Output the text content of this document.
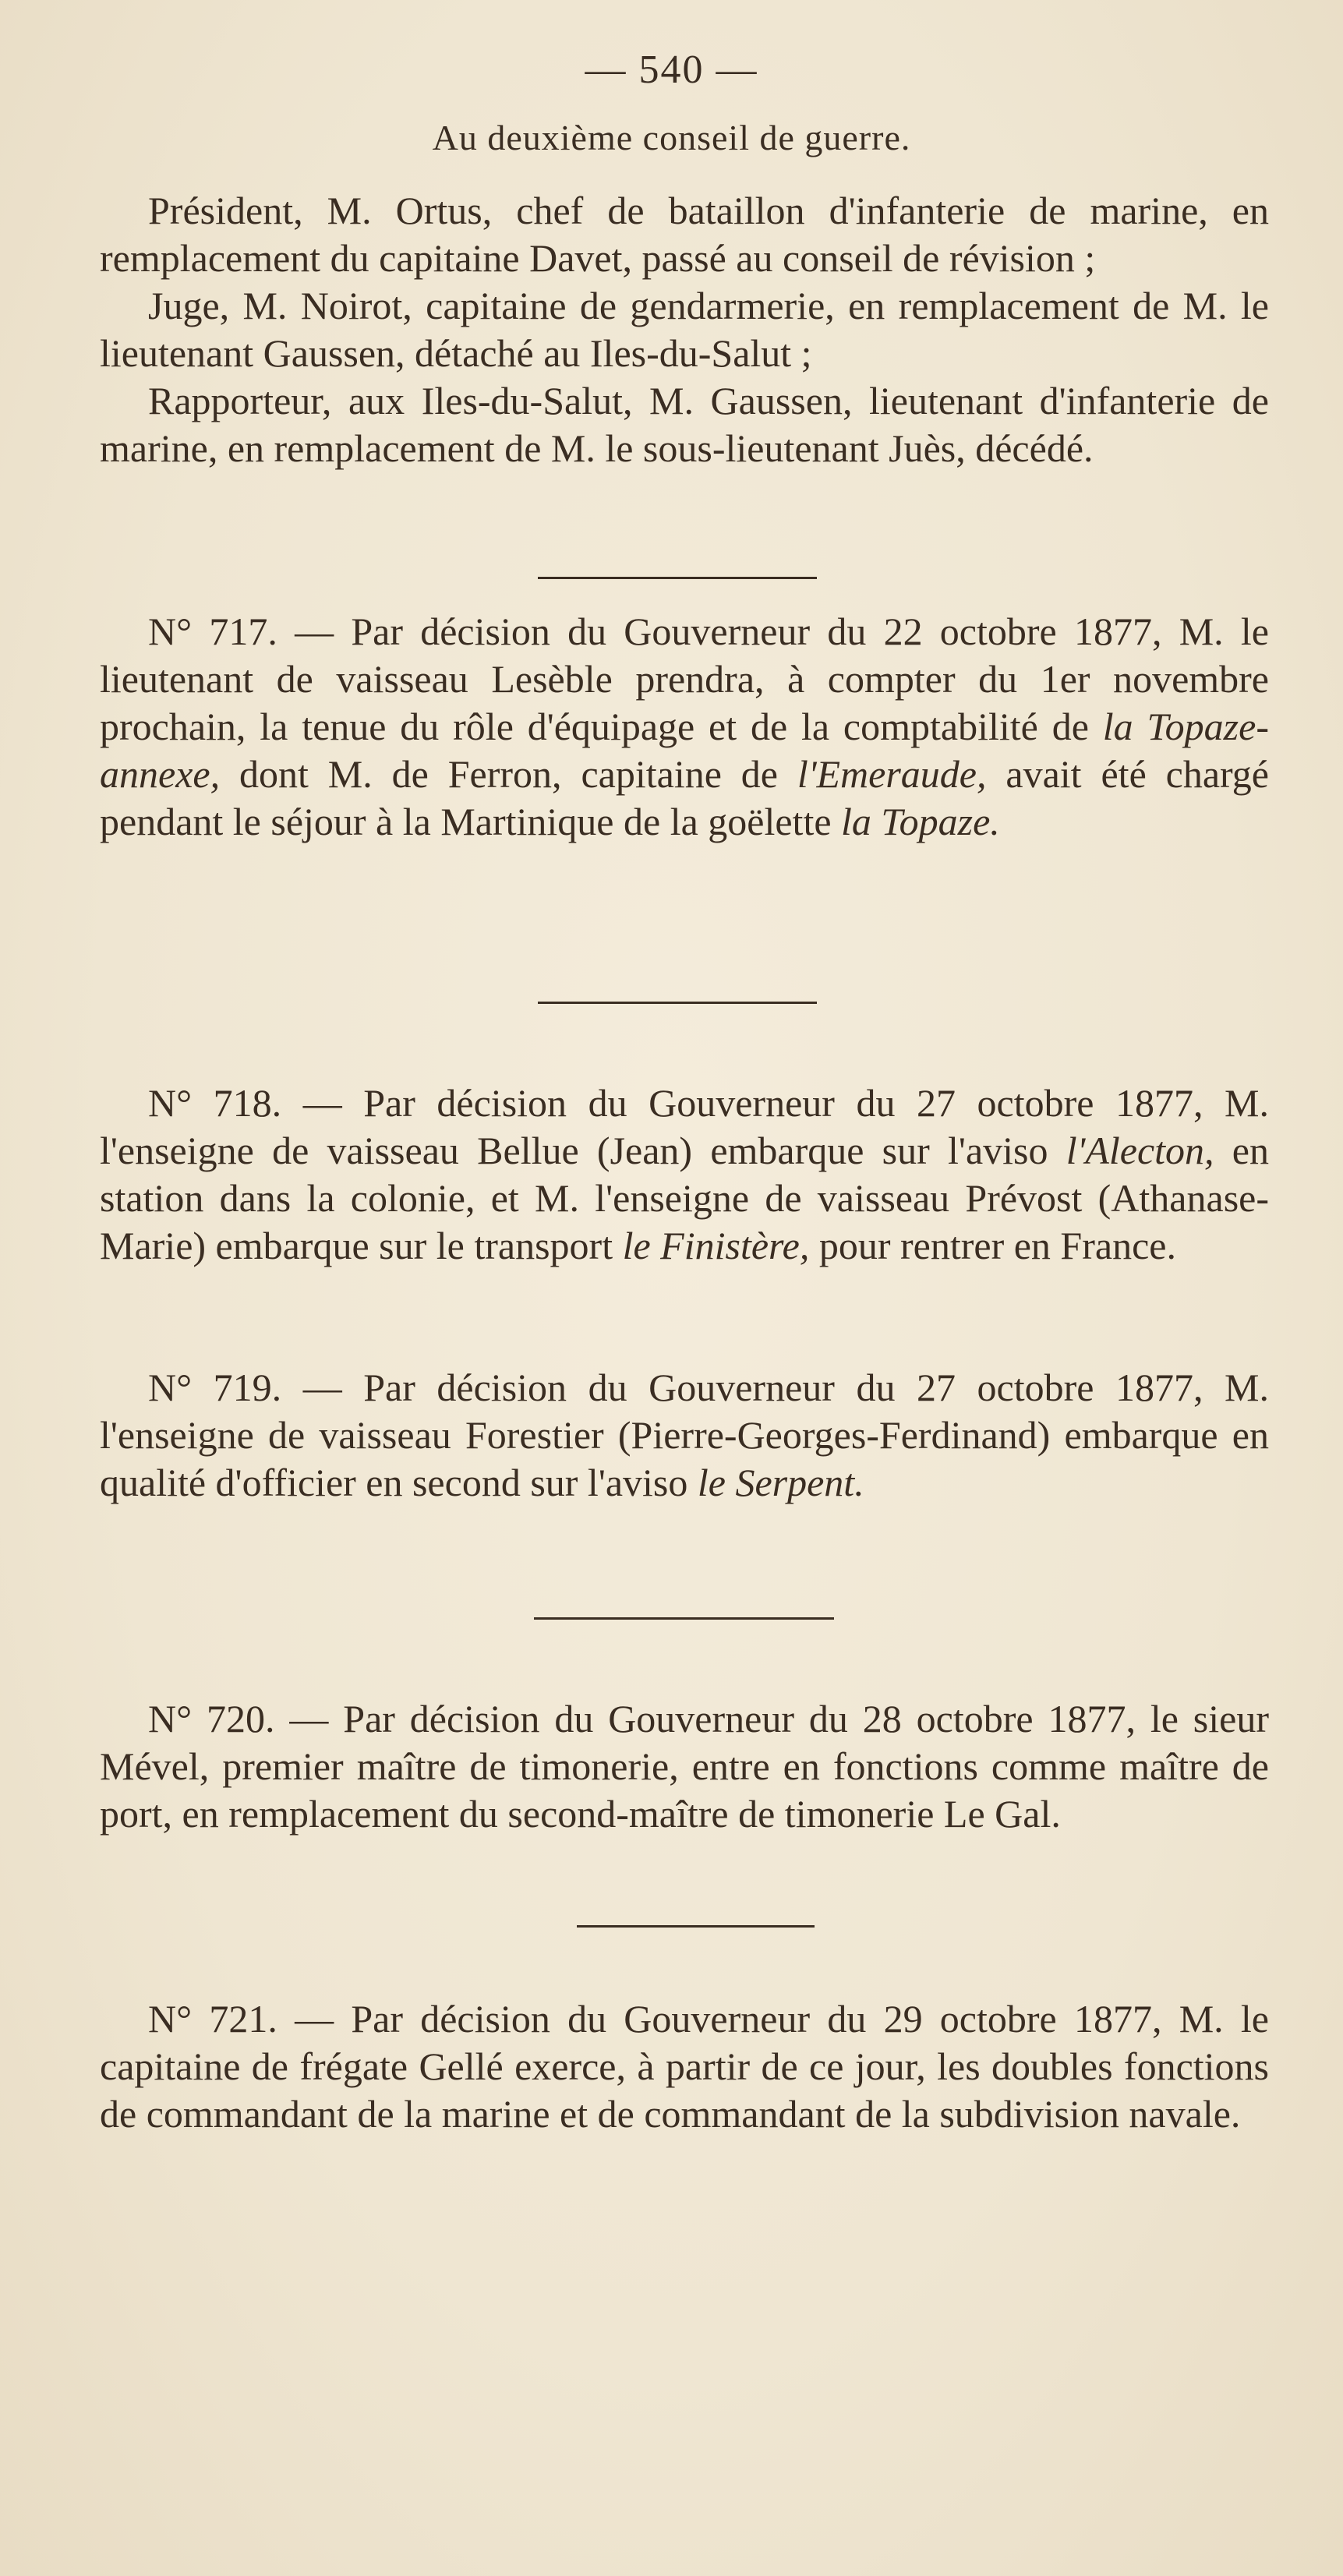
— 540 —
Au deuxième conseil de guerre.

Président, M. Ortus, chef de bataillon d'infanterie de marine, en remplacement du capitaine Davet, passé au conseil de révision ;

Juge, M. Noirot, capitaine de gendarmerie, en remplacement de M. le lieutenant Gaussen, détaché au Iles-du-Salut ;

Rapporteur, aux Iles-du-Salut, M. Gaussen, lieutenant d'infanterie de marine, en remplacement de M. le sous-lieutenant Juès, décédé.

N° 717. — Par décision du Gouverneur du 22 octobre 1877, M. le lieutenant de vaisseau Lesèble prendra, à compter du 1er novembre prochain, la tenue du rôle d'équipage et de la comptabilité de la Topaze-annexe, dont M. de Ferron, capitaine de l'Emeraude, avait été chargé pendant le séjour à la Martinique de la goëlette la Topaze.

N° 718. — Par décision du Gouverneur du 27 octobre 1877, M. l'enseigne de vaisseau Bellue (Jean) embarque sur l'aviso l'Alecton, en station dans la colonie, et M. l'enseigne de vaisseau Prévost (Athanase-Marie) embarque sur le transport le Finistère, pour rentrer en France.

N° 719. — Par décision du Gouverneur du 27 octobre 1877, M. l'enseigne de vaisseau Forestier (Pierre-Georges-Ferdinand) embarque en qualité d'officier en second sur l'aviso le Serpent.

N° 720. — Par décision du Gouverneur du 28 octobre 1877, le sieur Mével, premier maître de timonerie, entre en fonctions comme maître de port, en remplacement du second-maître de timonerie Le Gal.

N° 721. — Par décision du Gouverneur du 29 octobre 1877, M. le capitaine de frégate Gellé exerce, à partir de ce jour, les doubles fonctions de commandant de la marine et de commandant de la subdivision navale.
